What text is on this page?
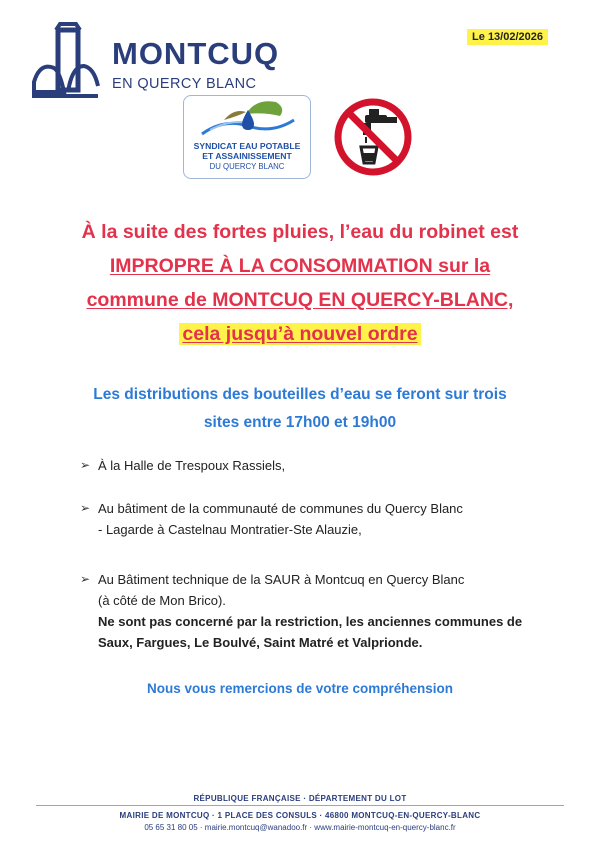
MONTCUQ
EN QUERCY BLANC
Le 13/02/2026
SYNDICAT EAU POTABLE
ET ASSAINISSEMENT
DU QUERCY BLANC
À la suite des fortes pluies, l’eau du robinet est
IMPROPRE À LA CONSOMMATION sur la
commune de MONTCUQ EN QUERCY-BLANC,
cela jusqu’à nouvel ordre
Les distributions des bouteilles d’eau se feront sur trois
sites entre 17h00 et 19h00
➢ À la Halle de Trespoux Rassiels,
➢ Au bâtiment de la communauté de communes du Quercy Blanc
- Lagarde à Castelnau Montratier-Ste Alauzie,
➢ Au Bâtiment technique de la SAUR à Montcuq en Quercy Blanc
(à côté de Mon Brico).
Ne sont pas concerné par la restriction, les anciennes communes de
Saux, Fargues, Le Boulvé, Saint Matré et Valprionde.
Nous vous remercions de votre compréhension
RÉPUBLIQUE FRANÇAISE · DÉPARTEMENT DU LOT
MAIRIE DE MONTCUQ · 1 PLACE DES CONSULS · 46800 MONTCUQ-EN-QUERCY-BLANC
05 65 31 80 05 · mairie.montcuq@wanadoo.fr · www.mairie-montcuq-en-quercy-blanc.fr
